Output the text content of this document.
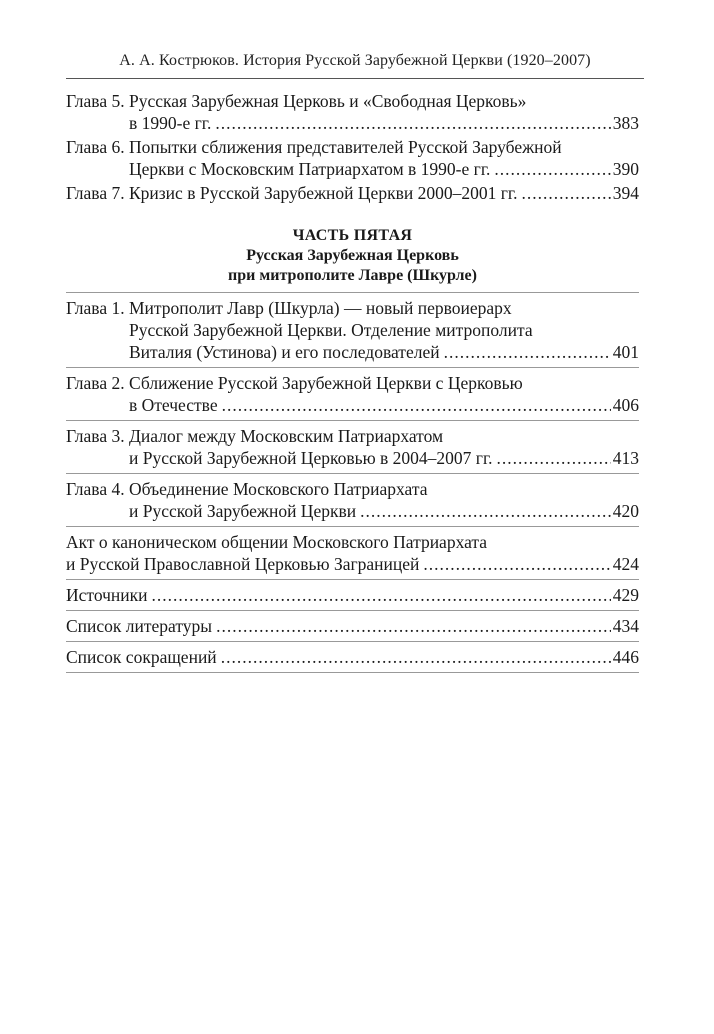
А. А. Кострюков. История Русской Зарубежной Церкви (1920–2007)
Глава 5. Русская Зарубежная Церковь и «Свободная Церковь»
в 1990-е гг. .....	383
Глава 6. Попытки сближения представителей Русской Зарубежной
Церкви с Московским Патриархатом в 1990-е гг. .....	390
Глава 7. Кризис в Русской Зарубежной Церкви 2000–2001 гг. .....	394
ЧАСТЬ ПЯТАЯ
Русская Зарубежная Церковь
при митрополите Лавре (Шкурле)
Глава 1. Митрополит Лавр (Шкурла) — новый первоиерарх
Русской Зарубежной Церкви. Отделение митрополита
Виталия (Устинова) и его последователей .....	401
Глава 2. Сближение Русской Зарубежной Церкви с Церковью
в Отечестве .....	406
Глава 3. Диалог между Московским Патриархатом
и Русской Зарубежной Церковью в 2004–2007 гг. .....	413
Глава 4. Объединение Московского Патриархата
и Русской Зарубежной Церкви .....	420
Акт о каноническом общении Московского Патриархата
и Русской Православной Церковью Заграницей .....	424
Источники .....	429
Список литературы .....	434
Список сокращений .....	446
